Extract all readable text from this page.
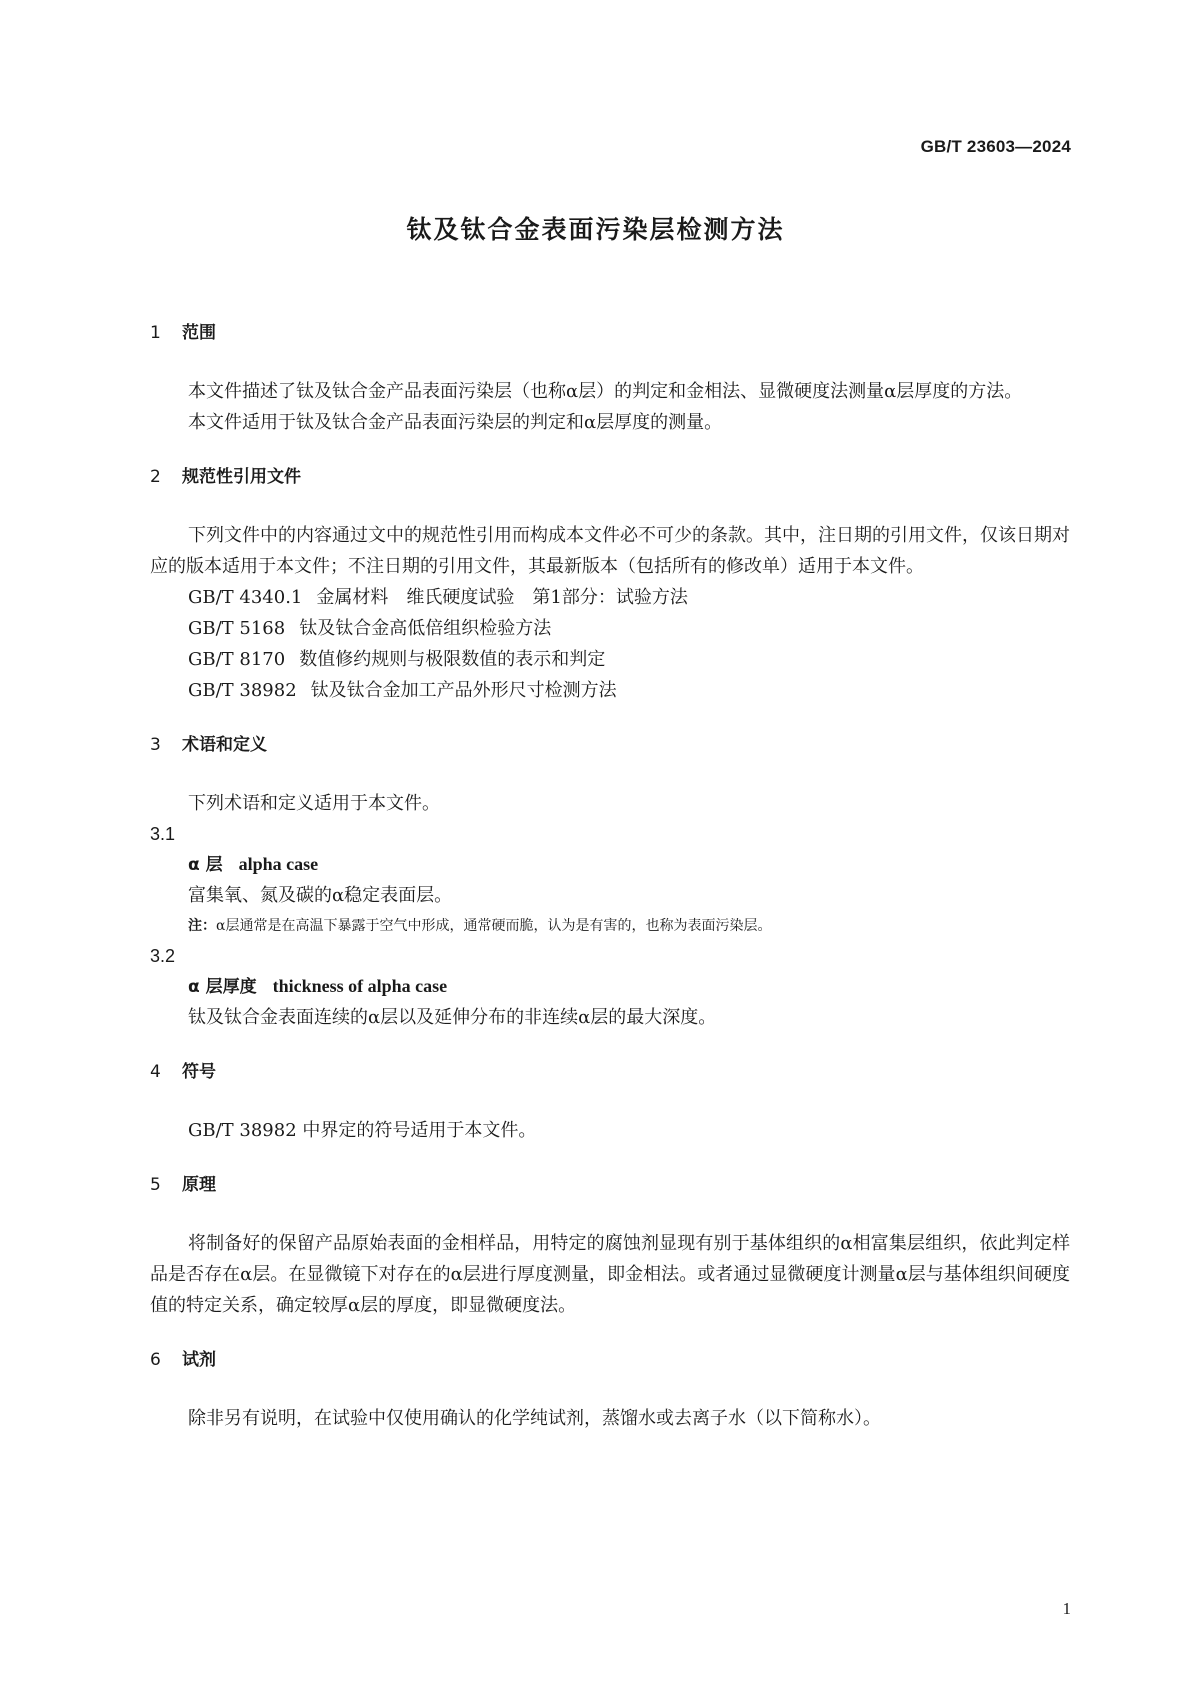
GB/T 23603—2024
钛及钛合金表面污染层检测方法
1 范围

本文件描述了钛及钛合金产品表面污染层（也称α层）的判定和金相法、显微硬度法测量α层厚度的方法。

本文件适用于钛及钛合金产品表面污染层的判定和α层厚度的测量。

2 规范性引用文件

下列文件中的内容通过文中的规范性引用而构成本文件必不可少的条款。其中，注日期的引用文件，仅该日期对应的版本适用于本文件；不注日期的引用文件，其最新版本（包括所有的修改单）适用于本文件。

GB/T 4340.1 金属材料　维氏硬度试验　第1部分：试验方法

GB/T 5168 钛及钛合金高低倍组织检验方法

GB/T 8170 数值修约规则与极限数值的表示和判定

GB/T 38982 钛及钛合金加工产品外形尺寸检测方法

3 术语和定义

下列术语和定义适用于本文件。

3.1

α 层 alpha case

富集氧、氮及碳的α稳定表面层。

注：α层通常是在高温下暴露于空气中形成，通常硬而脆，认为是有害的，也称为表面污染层。

3.2

α 层厚度 thickness of alpha case

钛及钛合金表面连续的α层以及延伸分布的非连续α层的最大深度。

4 符号

GB/T 38982 中界定的符号适用于本文件。

5 原理

将制备好的保留产品原始表面的金相样品，用特定的腐蚀剂显现有别于基体组织的α相富集层组织，依此判定样品是否存在α层。在显微镜下对存在的α层进行厚度测量，即金相法。或者通过显微硬度计测量α层与基体组织间硬度值的特定关系，确定较厚α层的厚度，即显微硬度法。

6 试剂

除非另有说明，在试验中仅使用确认的化学纯试剂，蒸馏水或去离子水（以下简称水）。

1
